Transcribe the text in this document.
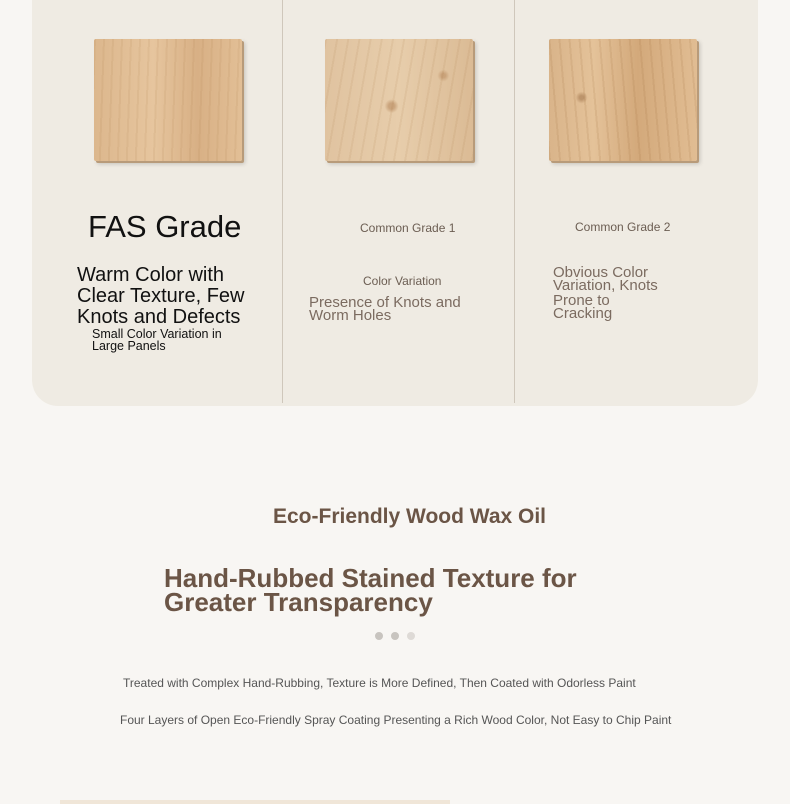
FAS Grade

Warm Color with Clear Texture, Few Knots and Defects

Small Color Variation in Large Panels

Common Grade 1

Color Variation

Presence of Knots and Worm Holes

Common Grade 2

Obvious Color Variation, Knots

Prone to Cracking

Eco-Friendly Wood Wax Oil

Hand-Rubbed Stained Texture for Greater Transparency

Treated with Complex Hand-Rubbing, Texture is More Defined, Then Coated with Odorless Paint

Four Layers of Open Eco-Friendly Spray Coating Presenting a Rich Wood Color, Not Easy to Chip Paint
